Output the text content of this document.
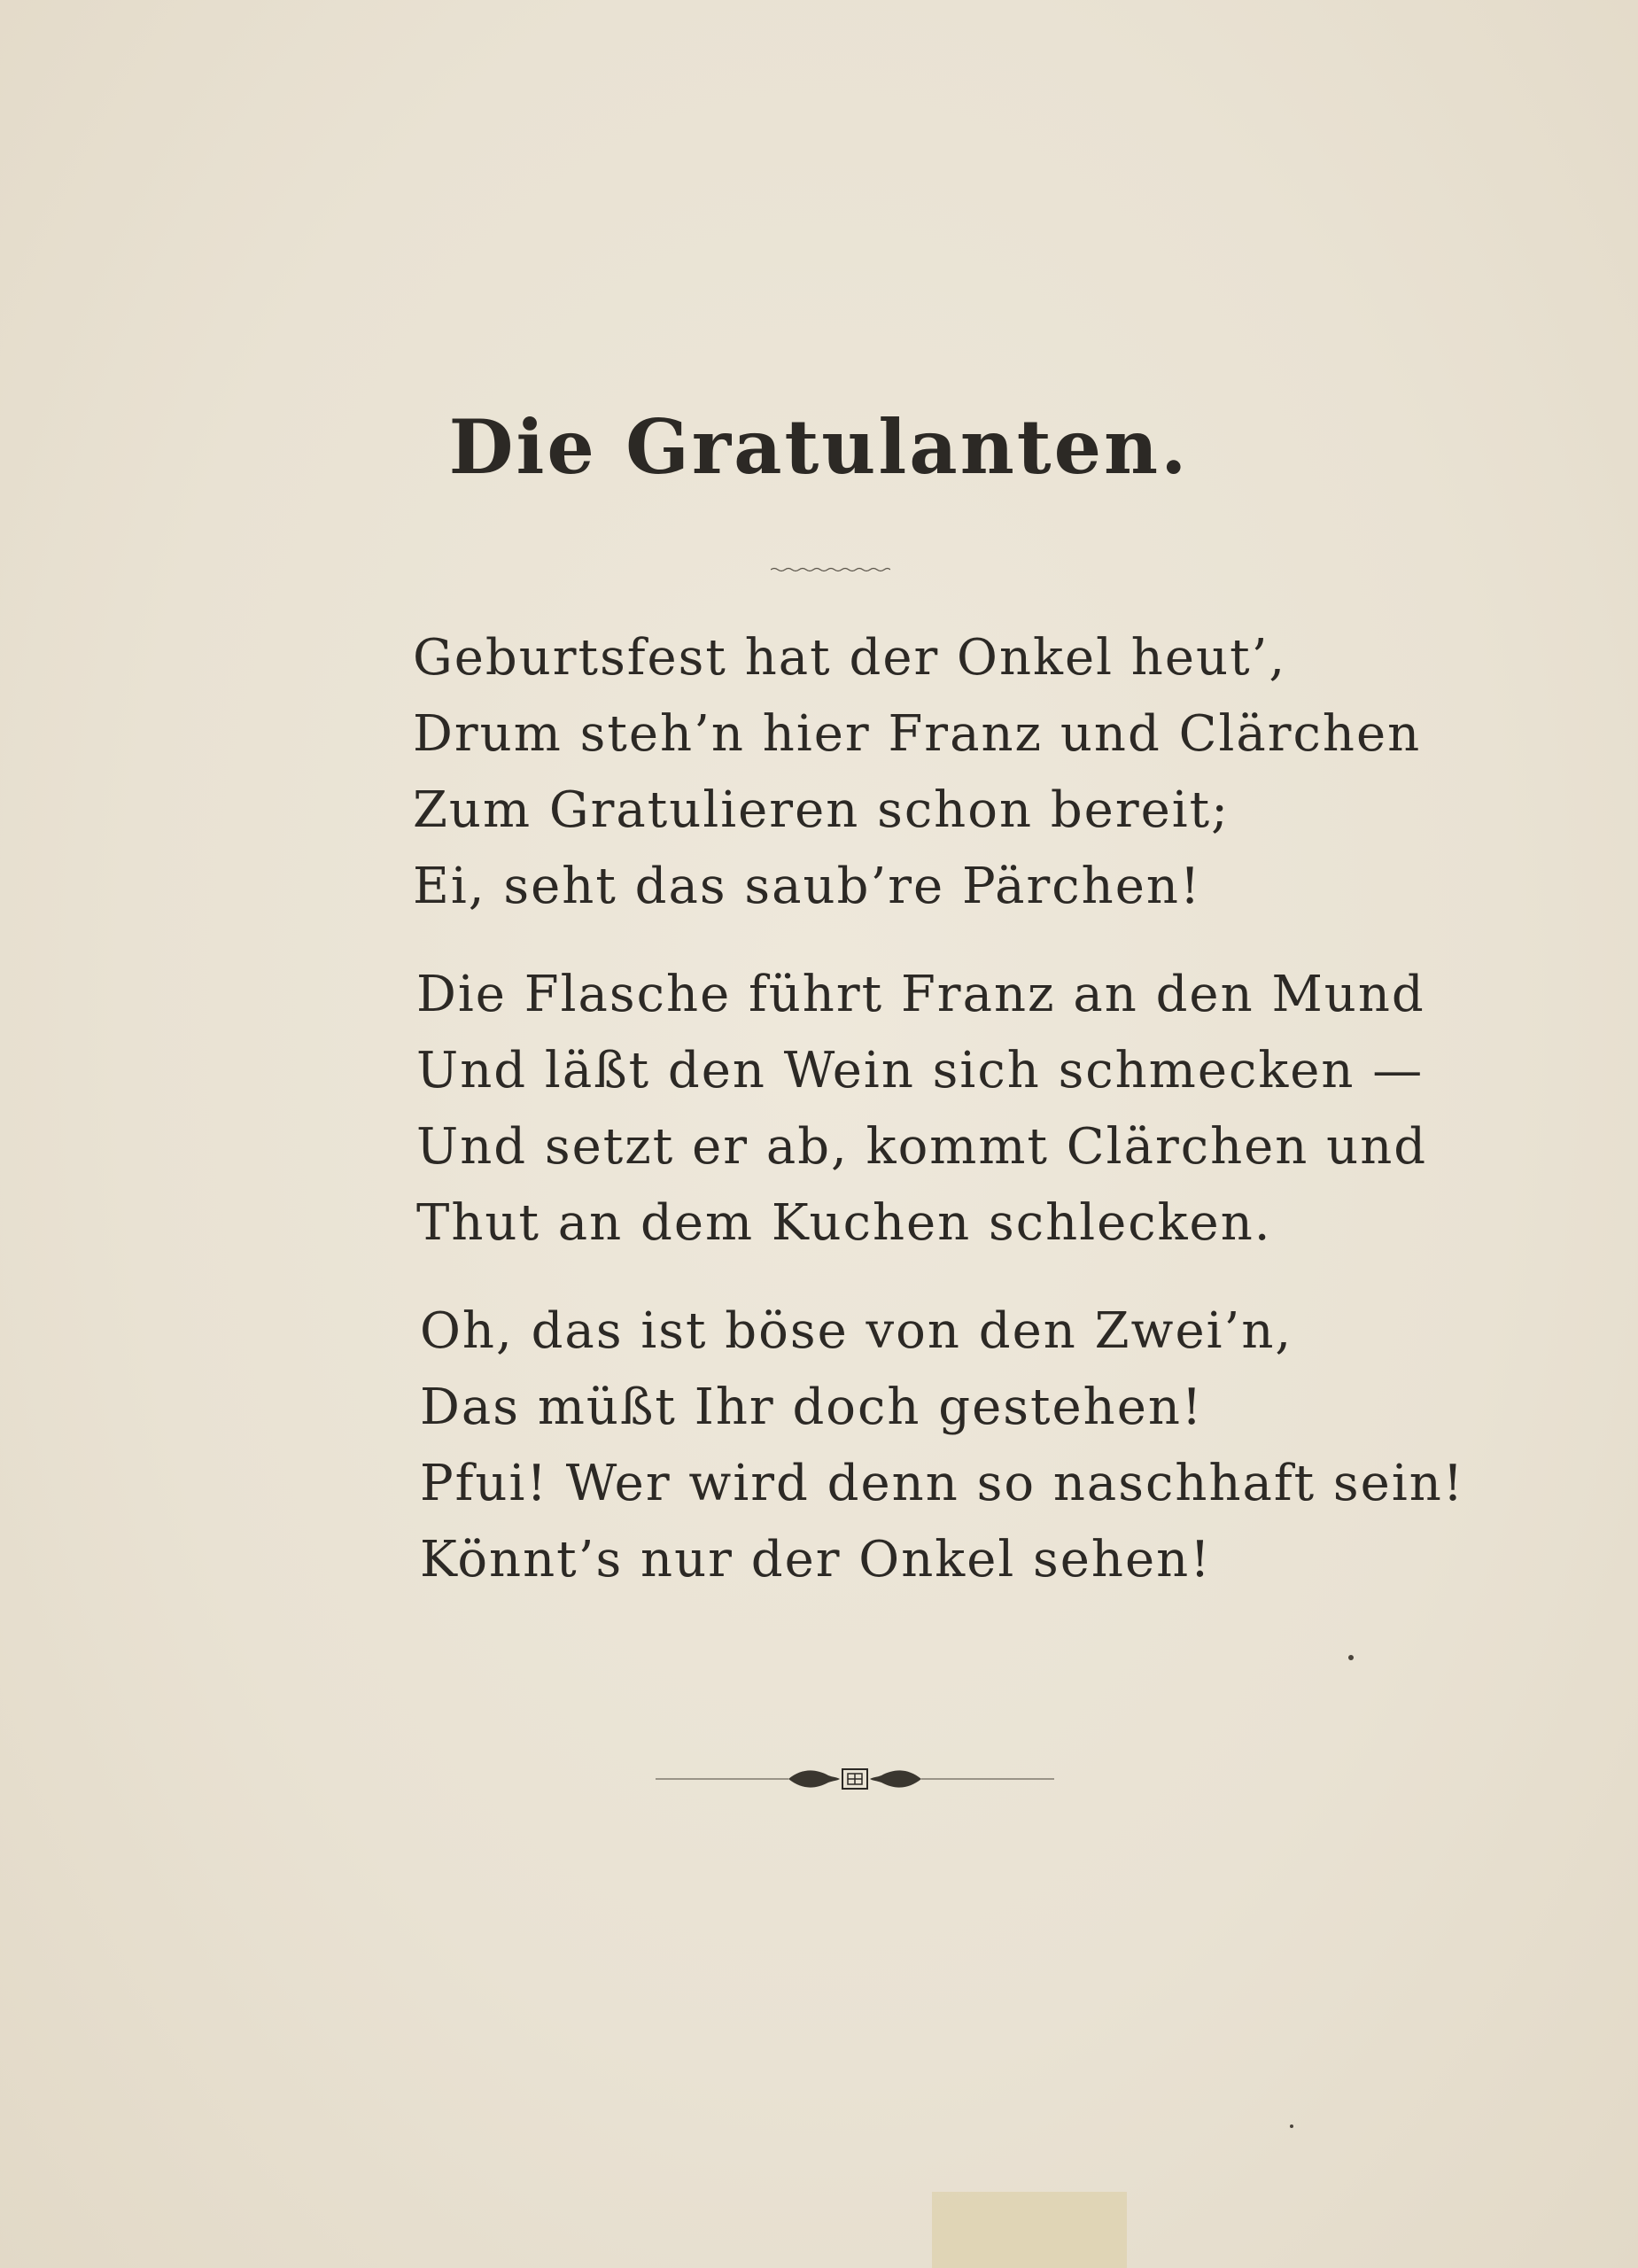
Die Gratulanten.
Geburtsfest hat der Onkel heut’,
Drum steh’n hier Franz und Clärchen
Zum Gratulieren schon bereit;
Ei, seht das saub’re Pärchen!
Die Flasche führt Franz an den Mund
Und läßt den Wein sich schmecken —
Und setzt er ab, kommt Clärchen und
Thut an dem Kuchen schlecken.
Oh, das ist böse von den Zwei’n,
Das müßt Ihr doch gestehen!
Pfui! Wer wird denn so naschhaft sein!
Könnt’s nur der Onkel sehen!
